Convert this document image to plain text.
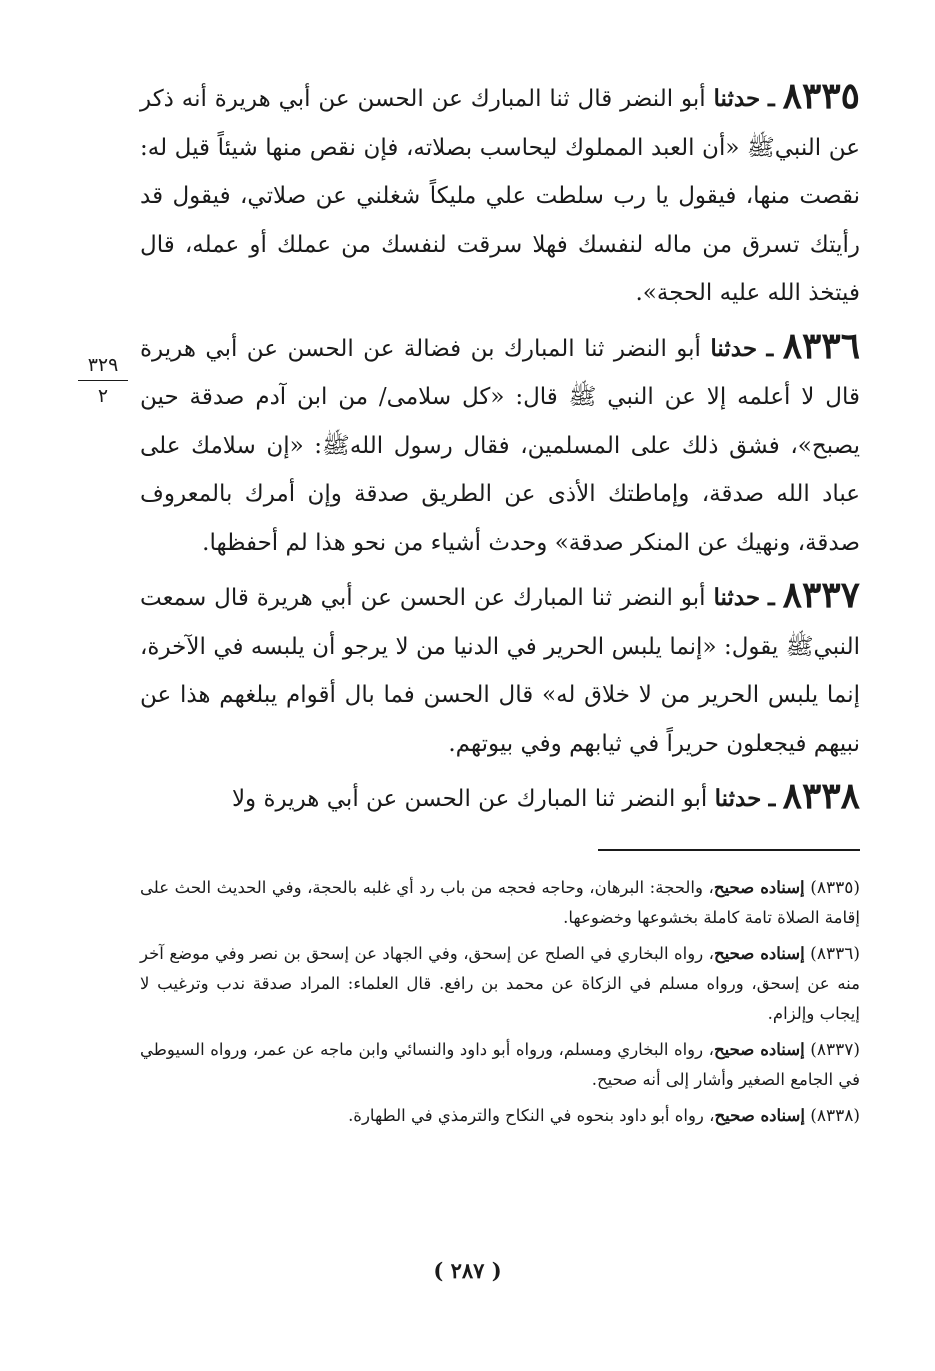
٨٣٣٥ ـ حدثنا أبو النضر قال ثنا المبارك عن الحسن عن أبي هريرة أنه ذكر عن النبيﷺ «أن العبد المملوك ليحاسب بصلاته، فإن نقص منها شيئاً قيل له: نقصت منها، فيقول يا رب سلطت علي مليكاً شغلني عن صلاتي، فيقول قد رأيتك تسرق من ماله لنفسك فهلا سرقت لنفسك من عملك أو عمله، قال فيتخذ الله عليه الحجة».

٨٣٣٦ ـ حدثنا أبو النضر ثنا المبارك بن فضالة عن الحسن عن أبي هريرة قال لا أعلمه إلا عن النبي ﷺ قال: «كل سلامى/ من ابن آدم صدقة حين يصبح»، فشق ذلك على المسلمين، فقال رسول اللهﷺ: «إن سلامك على عباد الله صدقة، وإماطتك الأذى عن الطريق صدقة وإن أمرك بالمعروف صدقة، ونهيك عن المنكر صدقة» وحدث أشياء من نحو هذا لم أحفظها.

٨٣٣٧ ـ حدثنا أبو النضر ثنا المبارك عن الحسن عن أبي هريرة قال سمعت النبيﷺ يقول: «إنما يلبس الحرير في الدنيا من لا يرجو أن يلبسه في الآخرة، إنما يلبس الحرير من لا خلاق له» قال الحسن فما بال أقوام يبلغهم هذا عن نبيهم فيجعلون حريراً في ثيابهم وفي بيوتهم.

٨٣٣٨ ـ حدثنا أبو النضر ثنا المبارك عن الحسن عن أبي هريرة ولا

٣٢٩
٢

(٨٣٣٥) إسناده صحيح، والحجة: البرهان، وحاجه فحجه من باب رد أي غلبه بالحجة، وفي الحديث الحث على إقامة الصلاة تامة كاملة بخشوعها وخضوعها.

(٨٣٣٦) إسناده صحيح، رواه البخاري في الصلح عن إسحق، وفي الجهاد عن إسحق بن نصر وفي موضع آخر منه عن إسحق، ورواه مسلم في الزكاة عن محمد بن رافع. قال العلماء: المراد صدقة ندب وترغيب لا إيجاب وإلزام.

(٨٣٣٧) إسناده صحيح، رواه البخاري ومسلم، ورواه أبو داود والنسائي وابن ماجه عن عمر، ورواه السيوطي في الجامع الصغير وأشار إلى أنه صحيح.

(٨٣٣٨) إسناده صحيح، رواه أبو داود بنحوه في النكاح والترمذي في الطهارة.

( ٢٨٧ )
